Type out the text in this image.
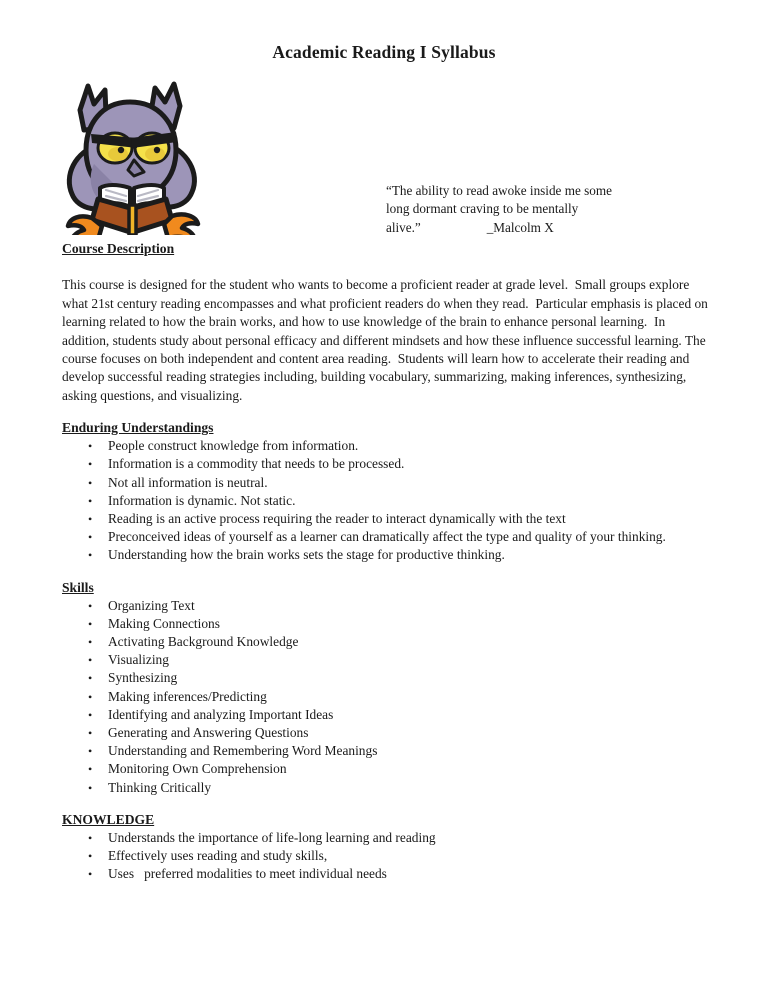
Academic Reading I Syllabus
“The ability to read awoke inside me some
long dormant craving to be mentally
alive.”                    _Malcolm X
Course Description

This course is designed for the student who wants to become a proficient reader at grade level.  Small groups explore what 21st century reading encompasses and what proficient readers do when they read.  Particular emphasis is placed on learning related to how the brain works, and how to use knowledge of the brain to enhance personal learning.  In addition, students study about personal efficacy and different mindsets and how these influence successful learning. The course focuses on both independent and content area reading.  Students will learn how to accelerate their reading and develop successful reading strategies including, building vocabulary, summarizing, making inferences, synthesizing, asking questions, and visualizing.

Enduring Understandings
• People construct knowledge from information.
• Information is a commodity that needs to be processed.
• Not all information is neutral.
• Information is dynamic. Not static.
• Reading is an active process requiring the reader to interact dynamically with the text
• Preconceived ideas of yourself as a learner can dramatically affect the type and quality of your thinking.
• Understanding how the brain works sets the stage for productive thinking.
Skills
• Organizing Text
• Making Connections
• Activating Background Knowledge
• Visualizing
• Synthesizing
• Making inferences/Predicting
• Identifying and analyzing Important Ideas
• Generating and Answering Questions
• Understanding and Remembering Word Meanings
• Monitoring Own Comprehension
• Thinking Critically
KNOWLEDGE
• Understands the importance of life-long learning and reading
• Effectively uses reading and study skills,
• Uses   preferred modalities to meet individual needs
